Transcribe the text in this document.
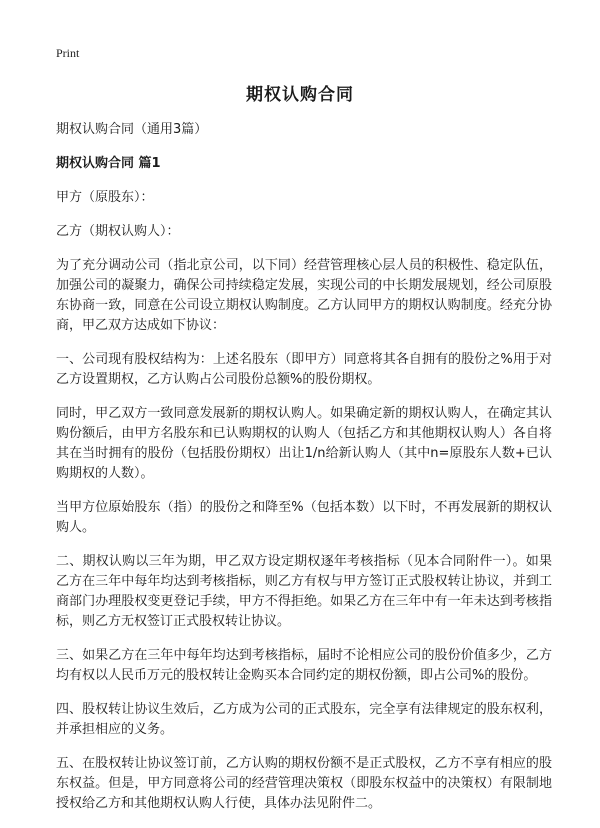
Print
期权认购合同

期权认购合同（通用3篇）

期权认购合同 篇1

甲方（原股东）：

乙方（期权认购人）：

为了充分调动公司（指北京公司，以下同）经营管理核心层人员的积极性、稳定队伍，加强公司的凝聚力，确保公司持续稳定发展，实现公司的中长期发展规划，经公司原股东协商一致，同意在公司设立期权认购制度。乙方认同甲方的期权认购制度。经充分协商，甲乙双方达成如下协议：

一、公司现有股权结构为：上述名股东（即甲方）同意将其各自拥有的股份之%用于对乙方设置期权，乙方认购占公司股份总额%的股份期权。

同时，甲乙双方一致同意发展新的期权认购人。如果确定新的期权认购人，在确定其认购份额后，由甲方名股东和已认购期权的认购人（包括乙方和其他期权认购人）各自将其在当时拥有的股份（包括股份期权）出让1/n给新认购人（其中n=原股东人数+已认购期权的人数）。

当甲方位原始股东（指）的股份之和降至%（包括本数）以下时，不再发展新的期权认购人。

二、期权认购以三年为期，甲乙双方设定期权逐年考核指标（见本合同附件一）。如果乙方在三年中每年均达到考核指标，则乙方有权与甲方签订正式股权转让协议，并到工商部门办理股权变更登记手续，甲方不得拒绝。如果乙方在三年中有一年未达到考核指标，则乙方无权签订正式股权转让协议。

三、如果乙方在三年中每年均达到考核指标，届时不论相应公司的股份价值多少，乙方均有权以人民币万元的股权转让金购买本合同约定的期权份额，即占公司%的股份。

四、股权转让协议生效后，乙方成为公司的正式股东，完全享有法律规定的股东权利，并承担相应的义务。

五、在股权转让协议签订前，乙方认购的期权份额不是正式股权，乙方不享有相应的股东权益。但是，甲方同意将公司的经营管理决策权（即股东权益中的决策权）有限制地授权给乙方和其他期权认购人行使，具体办法见附件二。
